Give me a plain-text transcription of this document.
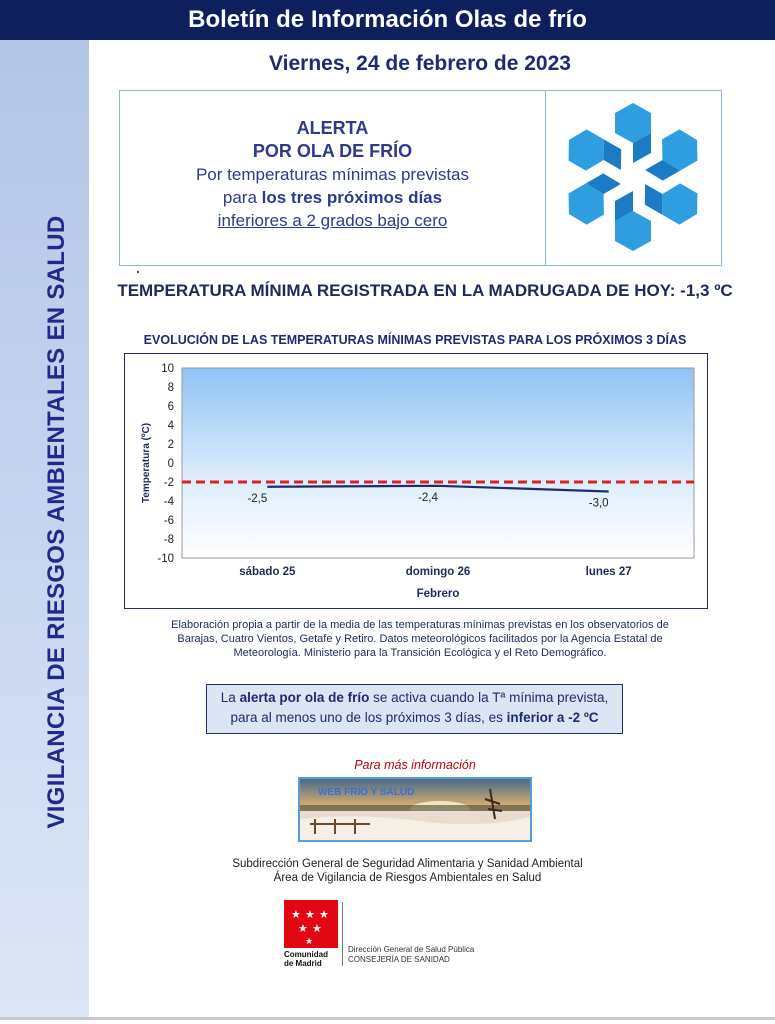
Boletín de Información Olas de frío
VIGILANCIA DE RIESGOS AMBIENTALES EN SALUD
Viernes, 24 de febrero de 2023
ALERTA
POR OLA DE FRÍO
Por temperaturas mínimas previstas
para los tres próximos días
inferiores a 2 grados bajo cero
TEMPERATURA MÍNIMA REGISTRADA EN LA MADRUGADA DE HOY: -1,3 ºC
EVOLUCIÓN DE LAS TEMPERATURAS MÍNIMAS PREVISTAS PARA LOS PRÓXIMOS 3 DÍAS
10
8
6
4
2
0
-2
-4
-6
-8
-10
sábado 25	domingo 26	lunes 27
-2,5	-2,4	-3,0
Temperatura (ºC)
Febrero
Elaboración propia a partir de la media de las temperaturas mínimas previstas en los observatorios de
Barajas, Cuatro Vientos, Getafe y Retiro. Datos meteorológicos facilitados por la Agencia Estatal de
Meteorología. Ministerio para la Transición Ecológica y el Reto Demográfico.
La alerta por ola de frío se activa cuando la Tª mínima prevista,
para al menos uno de los próximos 3 días, es inferior a -2 ºC
Para más información
WEB FRÍO Y SALUD
Subdirección General de Seguridad Alimentaria y Sanidad Ambiental
Área de Vigilancia de Riesgos Ambientales en Salud
★ ★ ★
★ ★
★
Comunidad
de Madrid
Dirección General de Salud Pública
CONSEJERÍA DE SANIDAD
